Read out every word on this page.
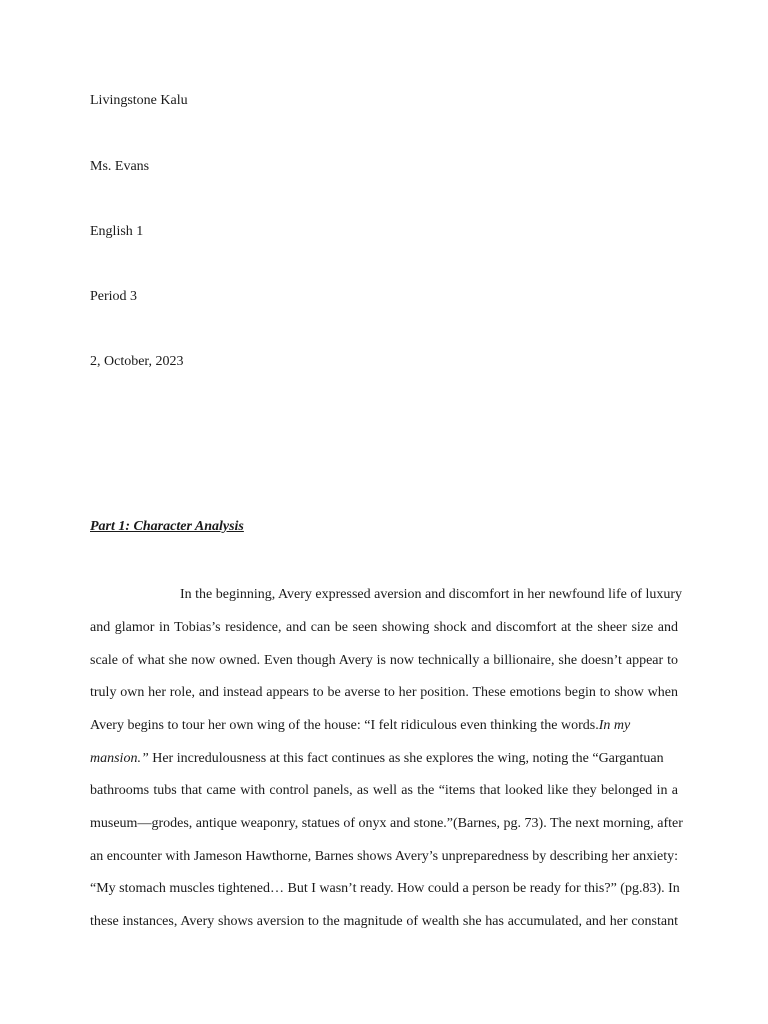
Livingstone Kalu
Ms. Evans
English 1
Period 3
2, October, 2023
Part 1: Character Analysis
In the beginning, Avery expressed aversion and discomfort in her newfound life of luxury
and glamor in Tobias’s residence, and can be seen showing shock and discomfort at the sheer size and
scale of what she now owned. Even though Avery is now technically a billionaire, she doesn’t appear to
truly own her role, and instead appears to be averse to her position. These emotions begin to show when
Avery begins to tour her own wing of the house: “I felt ridiculous even thinking the words.In my
mansion.” Her incredulousness at this fact continues as she explores the wing, noting the “Gargantuan
bathrooms tubs that came with control panels, as well as the “items that looked like they belonged in a
museum—grodes, antique weaponry, statues of onyx and stone.”(Barnes, pg. 73). The next morning, after
an encounter with Jameson Hawthorne, Barnes shows Avery’s unpreparedness by describing her anxiety:
“My stomach muscles tightened… But I wasn’t ready. How could a person be ready for this?” (pg.83). In
these instances, Avery shows aversion to the magnitude of wealth she has accumulated, and her constant
